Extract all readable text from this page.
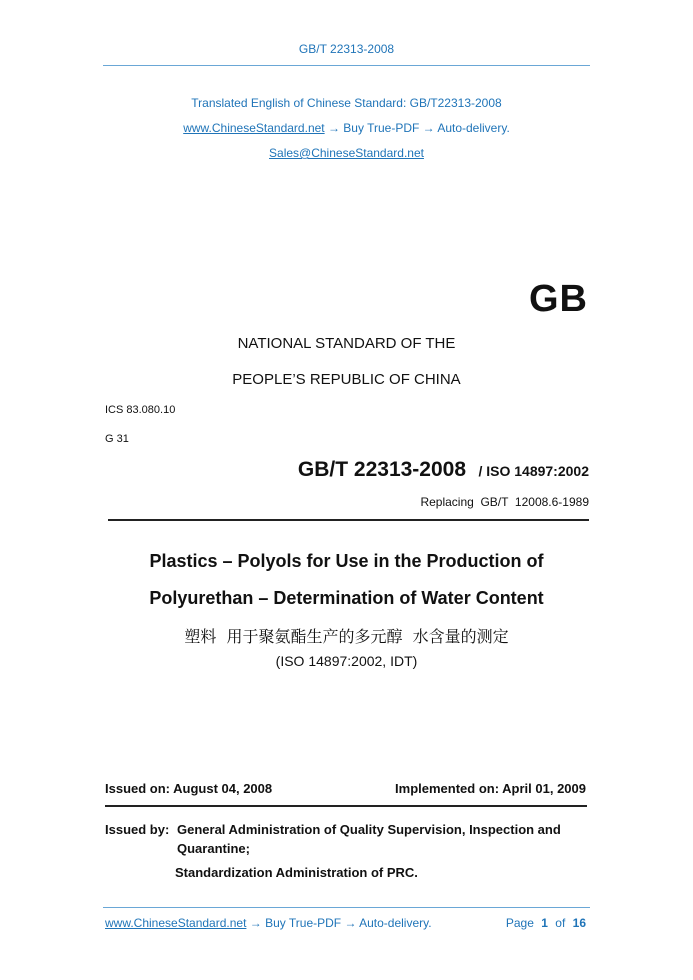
GB/T 22313-2008
Translated English of Chinese Standard: GB/T22313-2008
www.ChineseStandard.net → Buy True-PDF → Auto-delivery.
Sales@ChineseStandard.net
GB
NATIONAL STANDARD OF THE
PEOPLE’S REPUBLIC OF CHINA
ICS 83.080.10
G 31
GB/T 22313-2008 / ISO 14897:2002
Replacing  GB/T  12008.6-1989
Plastics – Polyols for Use in the Production of
Polyurethan – Determination of Water Content
塑料  用于聚氨酯生产的多元醇  水含量的测定
(ISO 14897:2002, IDT)
Issued on: August 04, 2008	Implemented on: April 01, 2009
Issued by: General Administration of Quality Supervision, Inspection and
Quarantine;
Standardization Administration of PRC.
www.ChineseStandard.net → Buy True-PDF → Auto-delivery.	Page 1 of 16
